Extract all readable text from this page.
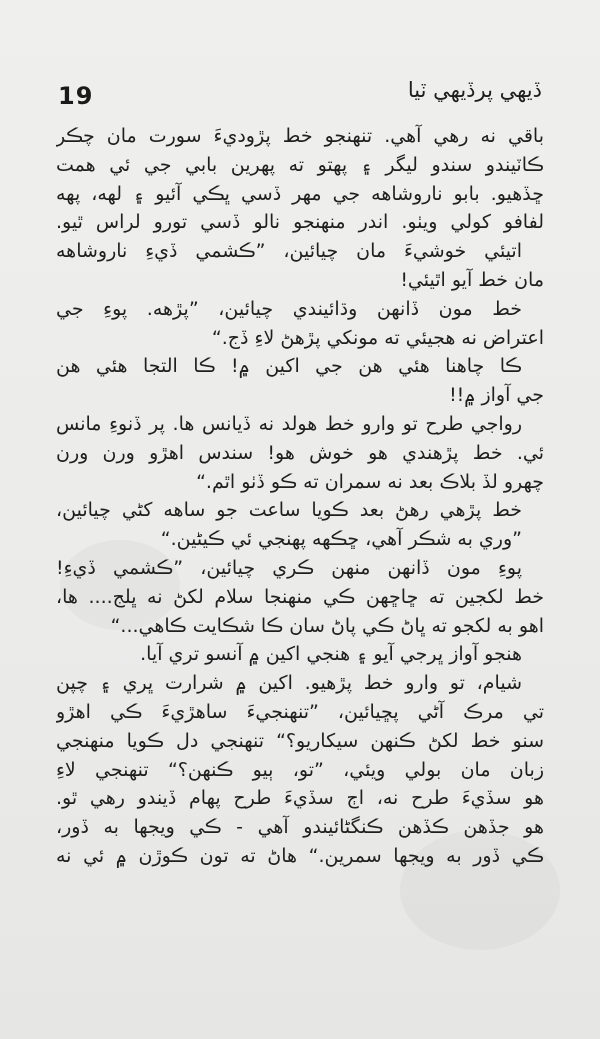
19	ڏيهي پرڏيهي ٽيا
باقي نه رهي آهي. تنهنجو خط پڙوديءَ سورت مان چڪر
ڪاٽيندو سندو ليگر ۽ پهتو ته پهرين بابي جي ئي همت
ڇڏهيو. بابو ناروشاهه جي مهر ڏسي ڀڪي آئيو ۽ لهه، پهه
لفافو کولي ويٺو. اندر منهنجو نالو ڏسي تورو لراس ٿيو.
اتيئي خوشيءَ مان چيائين، ”ڪشمي ڏيءِ ناروشاهه
مان خط آيو اٿيئي!
خط مون ڏانهن وڌائيندي چيائين، ”پڙهه. پوءِ جي
اعتراض نه هجيئي ته مونکي پڙهڻ لاءِ ڏج.“
ڪا چاهنا هئي هن جي اکين ۾! ڪا التجا هئي هن
جي آواز ۾!!
رواجي طرح تو وارو خط هولد نه ڏيانس ها. پر ڏنوءِ مانس
ئي. خط پڙهندي هو خوش هو! سندس اهڙو ورن ورن
چهرو لڏ بلاڪ بعد نه سمران ته ڪو ڏٺو اٿم.“
خط پڙهي رهڻ بعد ڪويا ساعت جو ساهه کڻي چيائين،
”وري به شڪر آهي، ڇڪهه پهنجي ئي ڪيڻين.“
پوءِ مون ڏانهن منهن ڪري چيائين، ”ڪشمي ڏيءِ!
خط لکجين ته ڇاڇهن ڪي منهنجا سلام لکڻ نه ڀلج.... ها،
اهو به لکجو ته ڀاڻ ڪي پاڻ سان ڪا شڪايت ڪاهي...“
هنجو آواز ڀرجي آيو ۽ هنجي اکين ۾ آنسو تري آيا.
شيام، تو وارو خط پڙهيو. اکين ۾ شرارت ڀري ۽ چپن
تي مرڪ آڻي پڇيائين، ”تنهنجيءَ ساهڙيءَ ڪي اهڙو
سنو خط لکڻ ڪنهن سيکاريو؟“ تنهنجي دل ڪويا منهنجي
زبان مان بولي ويئي، ”تو، ٻيو ڪنهن؟“ تنهنجي لاءِ
هو سڏيءَ طرح نه، اڄ سڏيءَ طرح پهام ڏيندو رهي ٿو.
هو جڏهن ڪڏهن ڪنگڻائيندو آهي - ڪي ويجها به ڏور،
ڪي ڏور به ويجها سمرين.“ هاڻ ته تون ڪوڙن ۾ ئي نه
